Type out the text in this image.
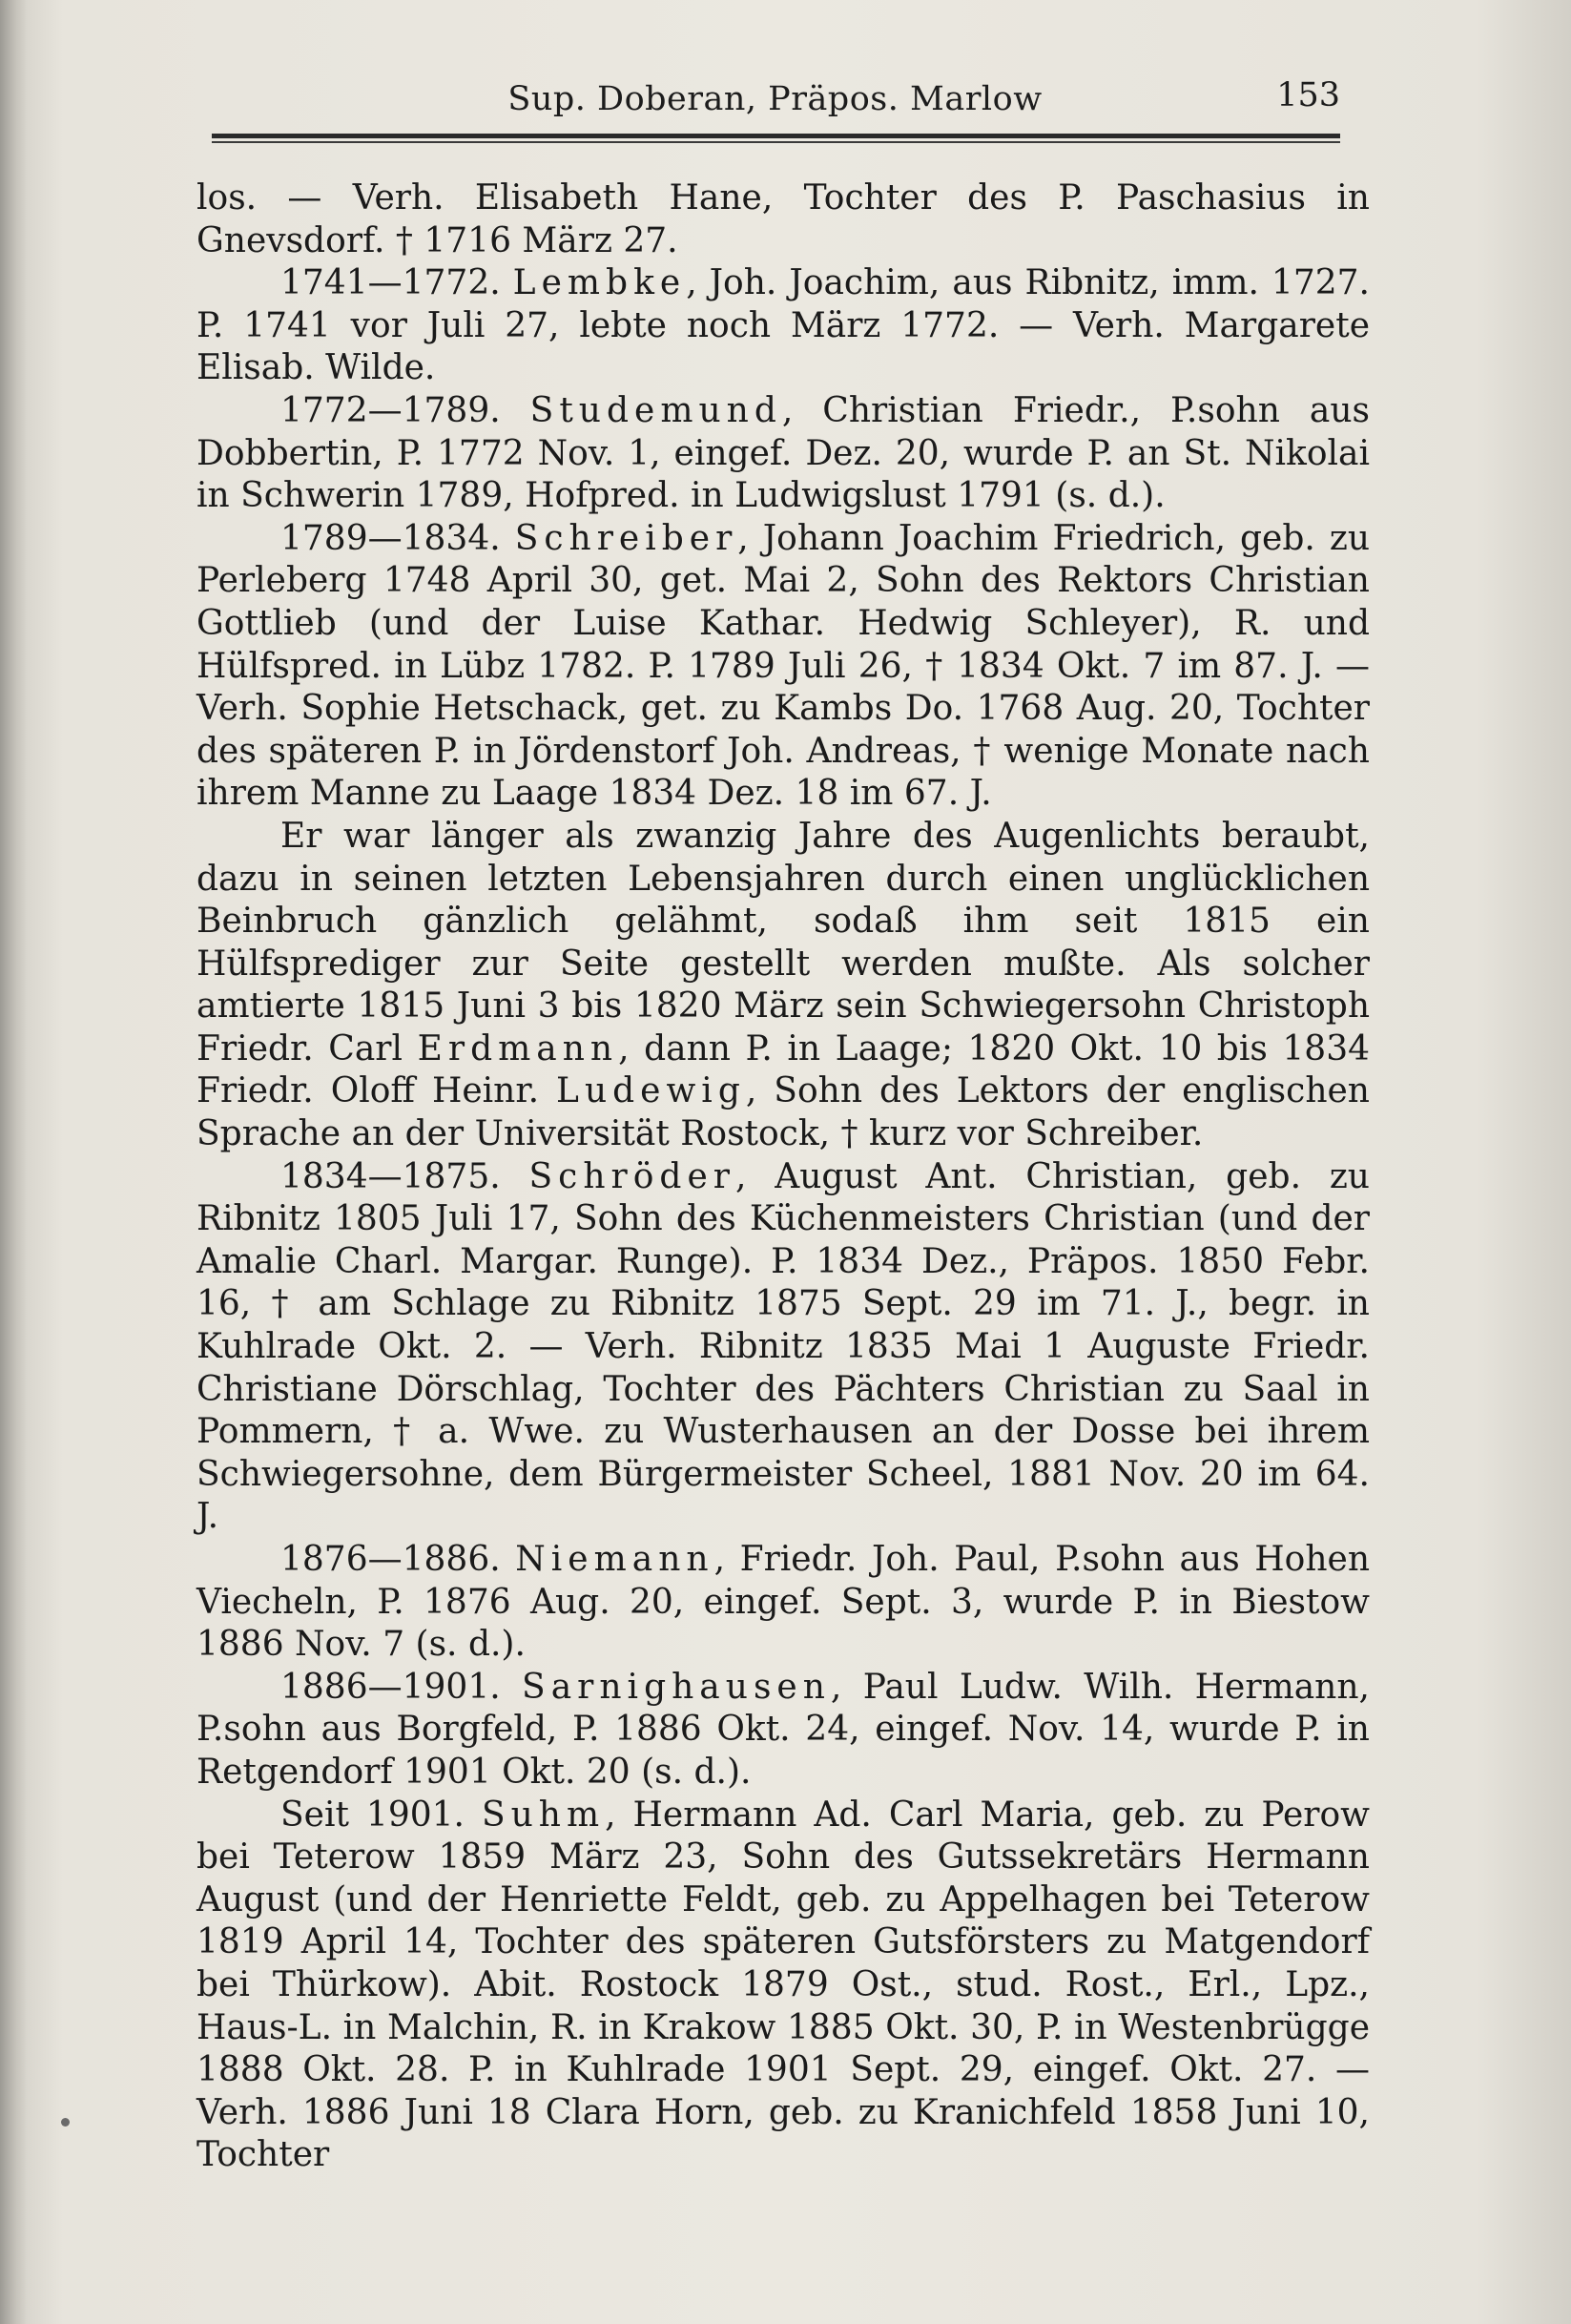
Sup. Doberan, Präpos. Marlow	153

los. — Verh. Elisabeth Hane, Tochter des P. Paschasius in Gnevsdorf. † 1716 März 27.

1741—1772. Lembke, Joh. Joachim, aus Ribnitz, imm. 1727. P. 1741 vor Juli 27, lebte noch März 1772. — Verh. Margarete Elisab. Wilde.

1772—1789. Studemund, Christian Friedr., P.sohn aus Dobbertin, P. 1772 Nov. 1, eingef. Dez. 20, wurde P. an St. Nikolai in Schwerin 1789, Hofpred. in Ludwigslust 1791 (s. d.).

1789—1834. Schreiber, Johann Joachim Friedrich, geb. zu Perleberg 1748 April 30, get. Mai 2, Sohn des Rektors Christian Gottlieb (und der Luise Kathar. Hedwig Schleyer), R. und Hülfspred. in Lübz 1782. P. 1789 Juli 26, † 1834 Okt. 7 im 87. J. — Verh. Sophie Hetschack, get. zu Kambs Do. 1768 Aug. 20, Tochter des späteren P. in Jördenstorf Joh. Andreas, † wenige Monate nach ihrem Manne zu Laage 1834 Dez. 18 im 67. J.

Er war länger als zwanzig Jahre des Augenlichts beraubt, dazu in seinen letzten Lebensjahren durch einen unglücklichen Beinbruch gänzlich gelähmt, sodaß ihm seit 1815 ein Hülfsprediger zur Seite gestellt werden mußte. Als solcher amtierte 1815 Juni 3 bis 1820 März sein Schwiegersohn Christoph Friedr. Carl Erdmann, dann P. in Laage; 1820 Okt. 10 bis 1834 Friedr. Oloff Heinr. Ludewig, Sohn des Lektors der englischen Sprache an der Universität Rostock, † kurz vor Schreiber.

1834—1875. Schröder, August Ant. Christian, geb. zu Ribnitz 1805 Juli 17, Sohn des Küchenmeisters Christian (und der Amalie Charl. Margar. Runge). P. 1834 Dez., Präpos. 1850 Febr. 16, † am Schlage zu Ribnitz 1875 Sept. 29 im 71. J., begr. in Kuhlrade Okt. 2. — Verh. Ribnitz 1835 Mai 1 Auguste Friedr. Christiane Dörschlag, Tochter des Pächters Christian zu Saal in Pommern, † a. Wwe. zu Wusterhausen an der Dosse bei ihrem Schwiegersohne, dem Bürgermeister Scheel, 1881 Nov. 20 im 64. J.

1876—1886. Niemann, Friedr. Joh. Paul, P.sohn aus Hohen Viecheln, P. 1876 Aug. 20, eingef. Sept. 3, wurde P. in Biestow 1886 Nov. 7 (s. d.).

1886—1901. Sarnighausen, Paul Ludw. Wilh. Hermann, P.sohn aus Borgfeld, P. 1886 Okt. 24, eingef. Nov. 14, wurde P. in Retgendorf 1901 Okt. 20 (s. d.).

Seit 1901. Suhm, Hermann Ad. Carl Maria, geb. zu Perow bei Teterow 1859 März 23, Sohn des Gutssekretärs Hermann August (und der Henriette Feldt, geb. zu Appelhagen bei Teterow 1819 April 14, Tochter des späteren Gutsförsters zu Matgendorf bei Thürkow). Abit. Rostock 1879 Ost., stud. Rost., Erl., Lpz., Haus-L. in Malchin, R. in Krakow 1885 Okt. 30, P. in Westenbrügge 1888 Okt. 28. P. in Kuhlrade 1901 Sept. 29, eingef. Okt. 27. — Verh. 1886 Juni 18 Clara Horn, geb. zu Kranichfeld 1858 Juni 10, Tochter
